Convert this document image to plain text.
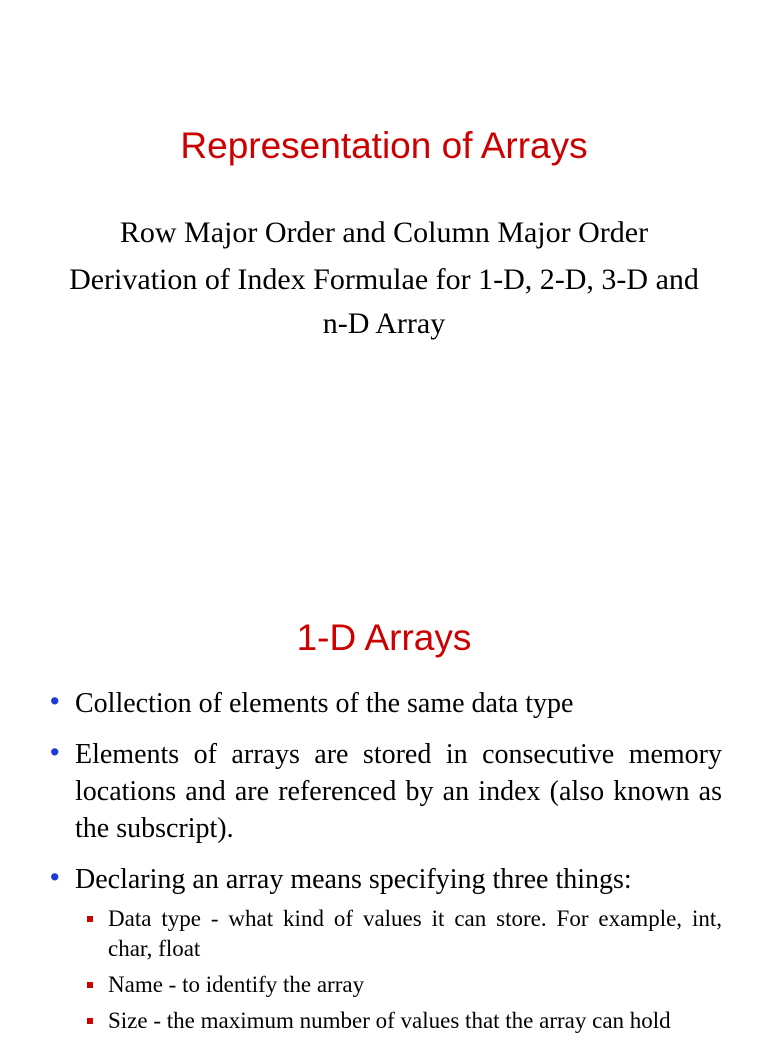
Representation of Arrays
Row Major Order and Column Major Order
Derivation of Index Formulae for 1-D, 2-D, 3-D and n-D Array
1-D Arrays
• Collection of elements of the same data type
• Elements of arrays are stored in consecutive memory locations and are referenced by an index (also known as the subscript).
• Declaring an array means specifying three things:
Data type - what kind of values it can store. For example, int, char, float
Name - to identify the array
Size - the maximum number of values that the array can hold
